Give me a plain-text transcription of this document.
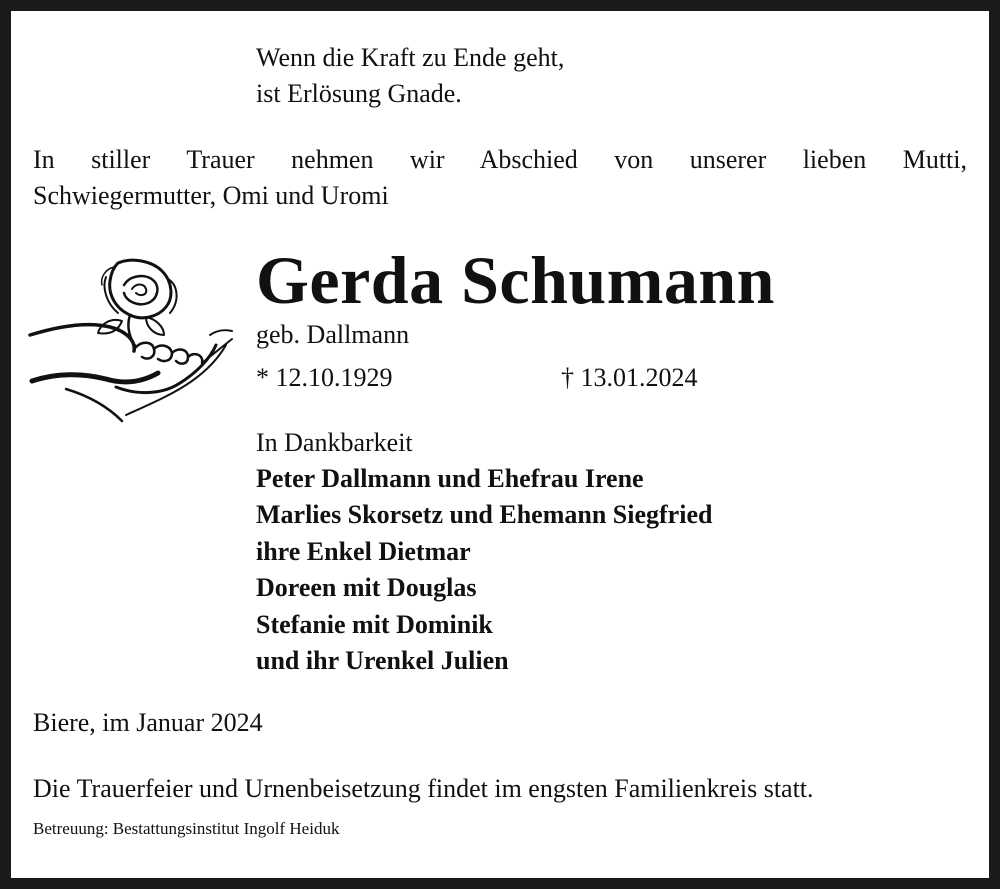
Wenn die Kraft zu Ende geht,
ist Erlösung Gnade.
In stiller Trauer nehmen wir Abschied von unserer lieben Mutti,
Schwiegermutter, Omi und Uromi
Gerda Schumann
geb. Dallmann
* 12.10.1929	† 13.01.2024
In Dankbarkeit
Peter Dallmann und Ehefrau Irene
Marlies Skorsetz und Ehemann Siegfried
ihre Enkel Dietmar
Doreen mit Douglas
Stefanie mit Dominik
und ihr Urenkel Julien
Biere, im Januar 2024
Die Trauerfeier und Urnenbeisetzung findet im engsten Familienkreis statt.
Betreuung: Bestattungsinstitut Ingolf Heiduk
